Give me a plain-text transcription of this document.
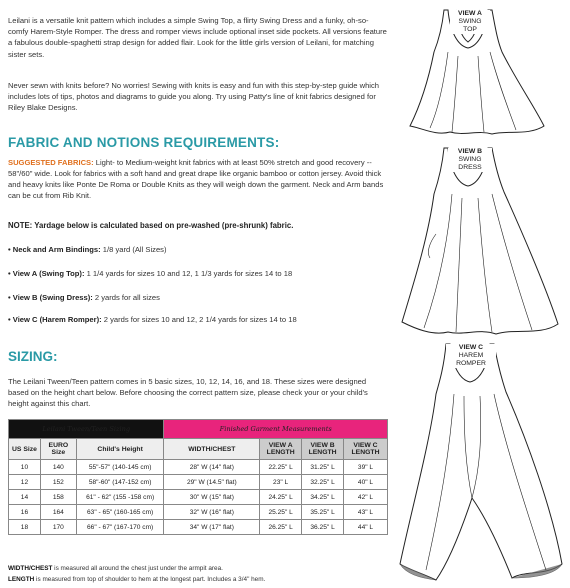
Leilani is a versatile knit pattern which includes a simple Swing Top, a flirty Swing Dress and a funky, oh-so-comfy Harem-Style Romper. The dress and romper views include optional inset side pockets. All versions feature a fabulous double-spaghetti strap design for added flair. Look for the little girls version of Leilani, for matching sister sets.

Never sewn with knits before? No worries! Sewing with knits is easy and fun with this step-by-step guide which includes lots of tips, photos and diagrams to guide you along. Try using Patty's line of knit fabrics designed for Riley Blake Designs.

FABRIC AND NOTIONS REQUIREMENTS:

SUGGESTED FABRICS: Light- to Medium-weight knit fabrics with at least 50% stretch and good recovery -- 58"/60" wide. Look for fabrics with a soft hand and great drape like organic bamboo or cotton jersey. Avoid thick and heavy knits like Ponte De Roma or Double Knits as they will weigh down the garment. Neck and Arm bands can be cut from Rib Knit.

NOTE: Yardage below is calculated based on pre-washed (pre-shrunk) fabric.
• Neck and Arm Bindings: 1/8 yard (All Sizes)
• View A (Swing Top): 1 1/4 yards for sizes 10 and 12, 1 1/3 yards for sizes 14 to 18
• View B (Swing Dress): 2 yards for all sizes
• View C (Harem Romper): 2 yards for sizes 10 and 12, 2 1/4 yards for sizes 14 to 18
SIZING:

The Leilani Tween/Teen pattern comes in 5 basic sizes, 10, 12, 14, 16, and 18. These sizes were designed based on the height chart below. Before choosing the correct pattern size, please check your or your child's height against this chart.

Leilani Tween/Teen Sizing			Finished Garment Measurements			
US Size	EURO Size	Child's Height	WIDTH/CHEST	VIEW A LENGTH	VIEW B LENGTH	VIEW C LENGTH
10	140	55"-57" (140-145 cm)	28" W (14" flat)	22.25" L	31.25" L	39" L
12	152	58"-60" (147-152 cm)	29" W (14.5" flat)	23" L	32.25" L	40" L
14	158	61" - 62" (155 -158 cm)	30" W (15" flat)	24.25" L	34.25" L	42" L
16	164	63" - 65" (160-165 cm)	32" W (16" flat)	25.25" L	35.25" L	43" L
18	170	66" - 67" (167-170 cm)	34" W (17" flat)	26.25" L	36.25" L	44" L
WIDTH/CHEST is measured all around the chest just under the armpit area.
LENGTH is measured from top of shoulder to hem at the longest part. Includes a 3/4" hem.
VIEW A
SWING
TOP
VIEW B
SWING
DRESS
VIEW C
HAREM
ROMPER
